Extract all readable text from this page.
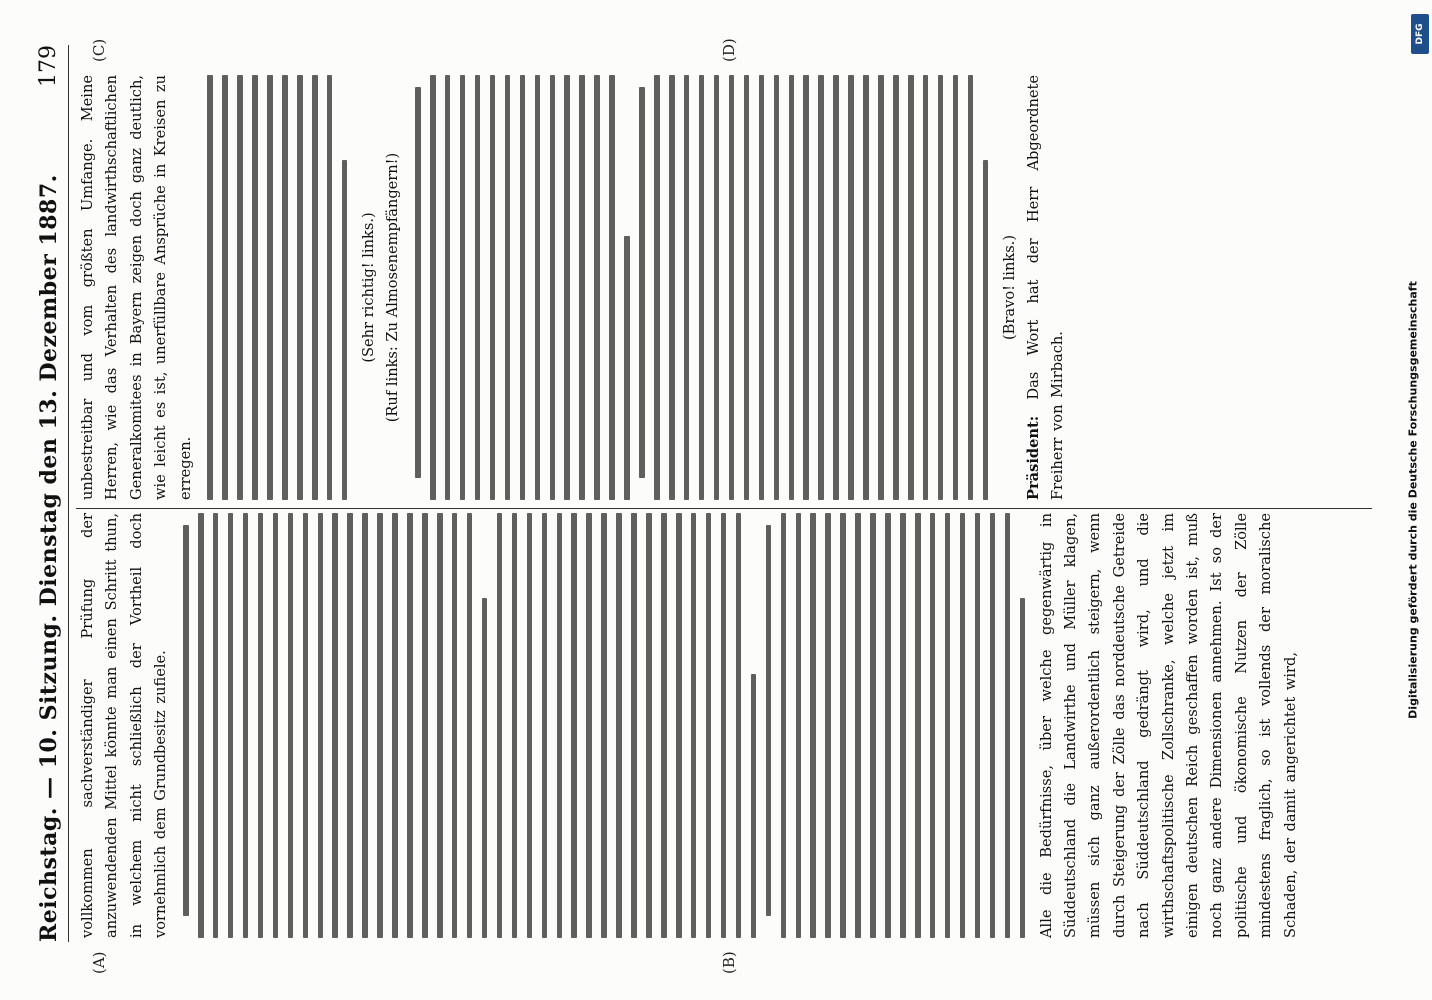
Reichstag. — 10. Sitzung. Dienstag den 13. Dezember 1887.
179
(A)	(B)
(C)	(D)

vollkommen sachverständiger Prüfung der anzuwendenden Mittel könnte man einen Schritt thun, in welchem nicht schließlich der Vortheil doch vornehmlich dem Grundbesitz zufiele.	Alle die Bedürfnisse, über welche gegenwärtig in Süddeutschland die Landwirthe und Müller klagen, müssen sich ganz außerordentlich steigern, wenn durch Steigerung der Zölle das norddeutsche Getreide nach Süddeutschland gedrängt wird, und die wirthschaftspolitische Zollschranke, welche jetzt im einigen deutschen Reich geschaffen worden ist, muß noch ganz andere Dimensionen annehmen. Ist so der politische und ökonomische Nutzen der Zölle mindestens fraglich, so ist vollends der moralische Schaden, der damit angerichtet wird,

unbestreitbar und vom größten Umfange. Meine Herren, wie das Verhalten des landwirthschaftlichen Generalkomitees in Bayern zeigen doch ganz deutlich, wie leicht es ist, unerfüllbare Ansprüche in Kreisen zu erregen.

(Sehr richtig! links.) (Ruf links: Zu Almosenempfängern!)	(Bravo! links.)

Präsident: Das Wort hat der Herr Abgeordnete Freiherr von Mirbach.	Digitalisierung gefördert durch die Deutsche Forschungsgemeinschaft
DFG
